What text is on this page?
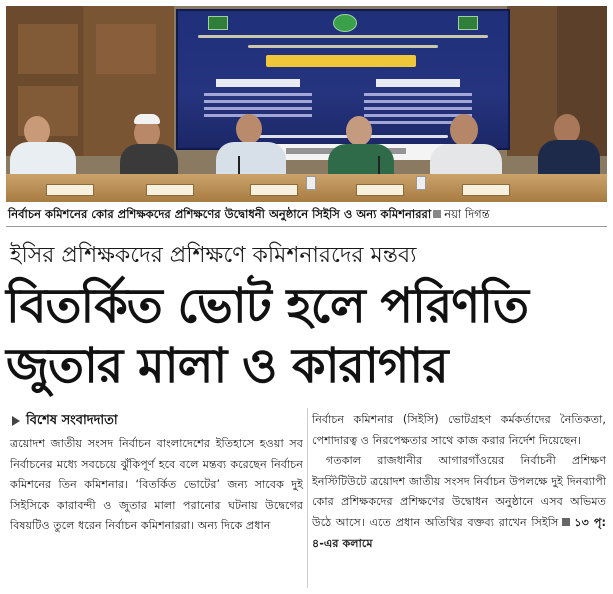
নির্বাচন কমিশনের কোর প্রশিক্ষকদের প্রশিক্ষণের উদ্বোধনী অনুষ্ঠানে সিইসি ও অন্য কমিশনাররা নয়া দিগন্ত
ইসির প্রশিক্ষকদের প্রশিক্ষণে কমিশনারদের মন্তব্য
বিতর্কিত ভোট হলে পরিণতি
জুতার মালা ও কারাগার
বিশেষ সংবাদদাতা

ত্রয়োদশ জাতীয় সংসদ নির্বাচন বাংলাদেশের ইতিহাসে হওয়া সব নির্বাচনের মধ্যে সবচেয়ে ঝুঁকিপূর্ণ হবে বলে মন্তব্য করেছেন নির্বাচন কমিশনের তিন কমিশনার। ‘বিতর্কিত ভোটের’ জন্য সাবেক দুই সিইসিকে কারাবন্দী ও জুতার মালা পরানোর ঘটনায় উদ্বেগের বিষয়টিও তুলে ধরেন নির্বাচন কমিশনাররা। অন্য দিকে প্রধান

নির্বাচন কমিশনার (সিইসি) ভোটগ্রহণ কর্মকর্তাদের নৈতিকতা, পেশাদারত্ব ও নিরপেক্ষতার সাথে কাজ করার নির্দেশ দিয়েছেন।

গতকাল রাজধানীর আগারগাঁওয়ের নির্বাচনী প্রশিক্ষণ ইনস্টিটিউটে ত্রয়োদশ জাতীয় সংসদ নির্বাচন উপলক্ষে দুই দিনব্যাপী কোর প্রশিক্ষকদের প্রশিক্ষণের উদ্বোধন অনুষ্ঠানে এসব অভিমত উঠে আসে। এতে প্রধান অতিথির বক্তব্য রাখেন সিইসি ১৩ পৃ: ৪-এর কলামে
